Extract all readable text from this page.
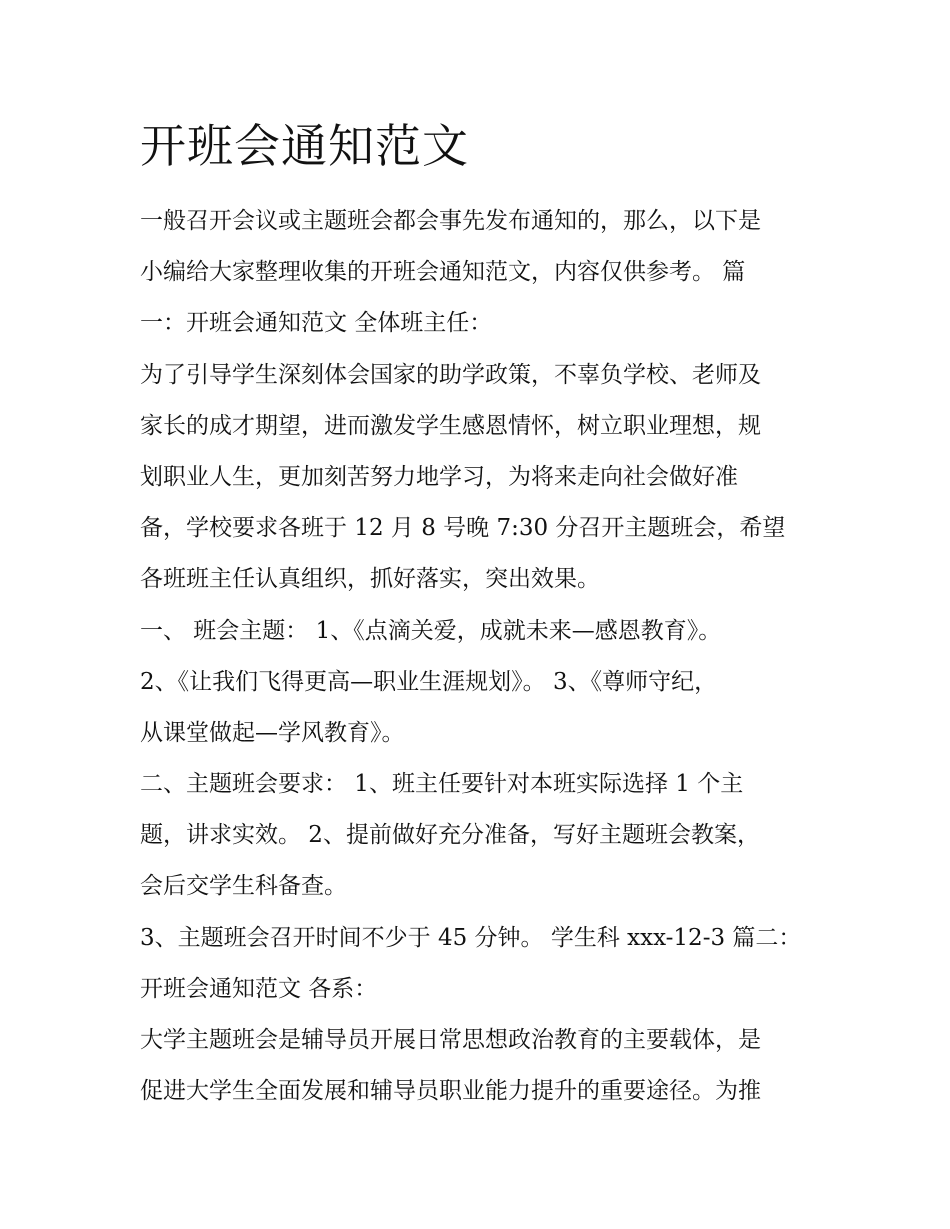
开班会通知范文
一般召开会议或主题班会都会事先发布通知的，那么，以下是
小编给大家整理收集的开班会通知范文，内容仅供参考。 篇
一：开班会通知范文 全体班主任：
为了引导学生深刻体会国家的助学政策，不辜负学校、老师及
家长的成才期望，进而激发学生感恩情怀，树立职业理想，规
划职业人生，更加刻苦努力地学习，为将来走向社会做好准
备，学校要求各班于 12 月 8 号晚 7:30 分召开主题班会，希望
各班班主任认真组织，抓好落实，突出效果。
一、 班会主题： 1、《点滴关爱，成就未来—感恩教育》。
2、《让我们飞得更高—职业生涯规划》。 3、《尊师守纪，
从课堂做起—学风教育》。
二、主题班会要求： 1、班主任要针对本班实际选择 1 个主
题，讲求实效。 2、提前做好充分准备，写好主题班会教案，
会后交学生科备查。
3、主题班会召开时间不少于 45 分钟。 学生科 xxx-12-3 篇二：
开班会通知范文 各系：
大学主题班会是辅导员开展日常思想政治教育的主要载体，是
促进大学生全面发展和辅导员职业能力提升的重要途径。为推
